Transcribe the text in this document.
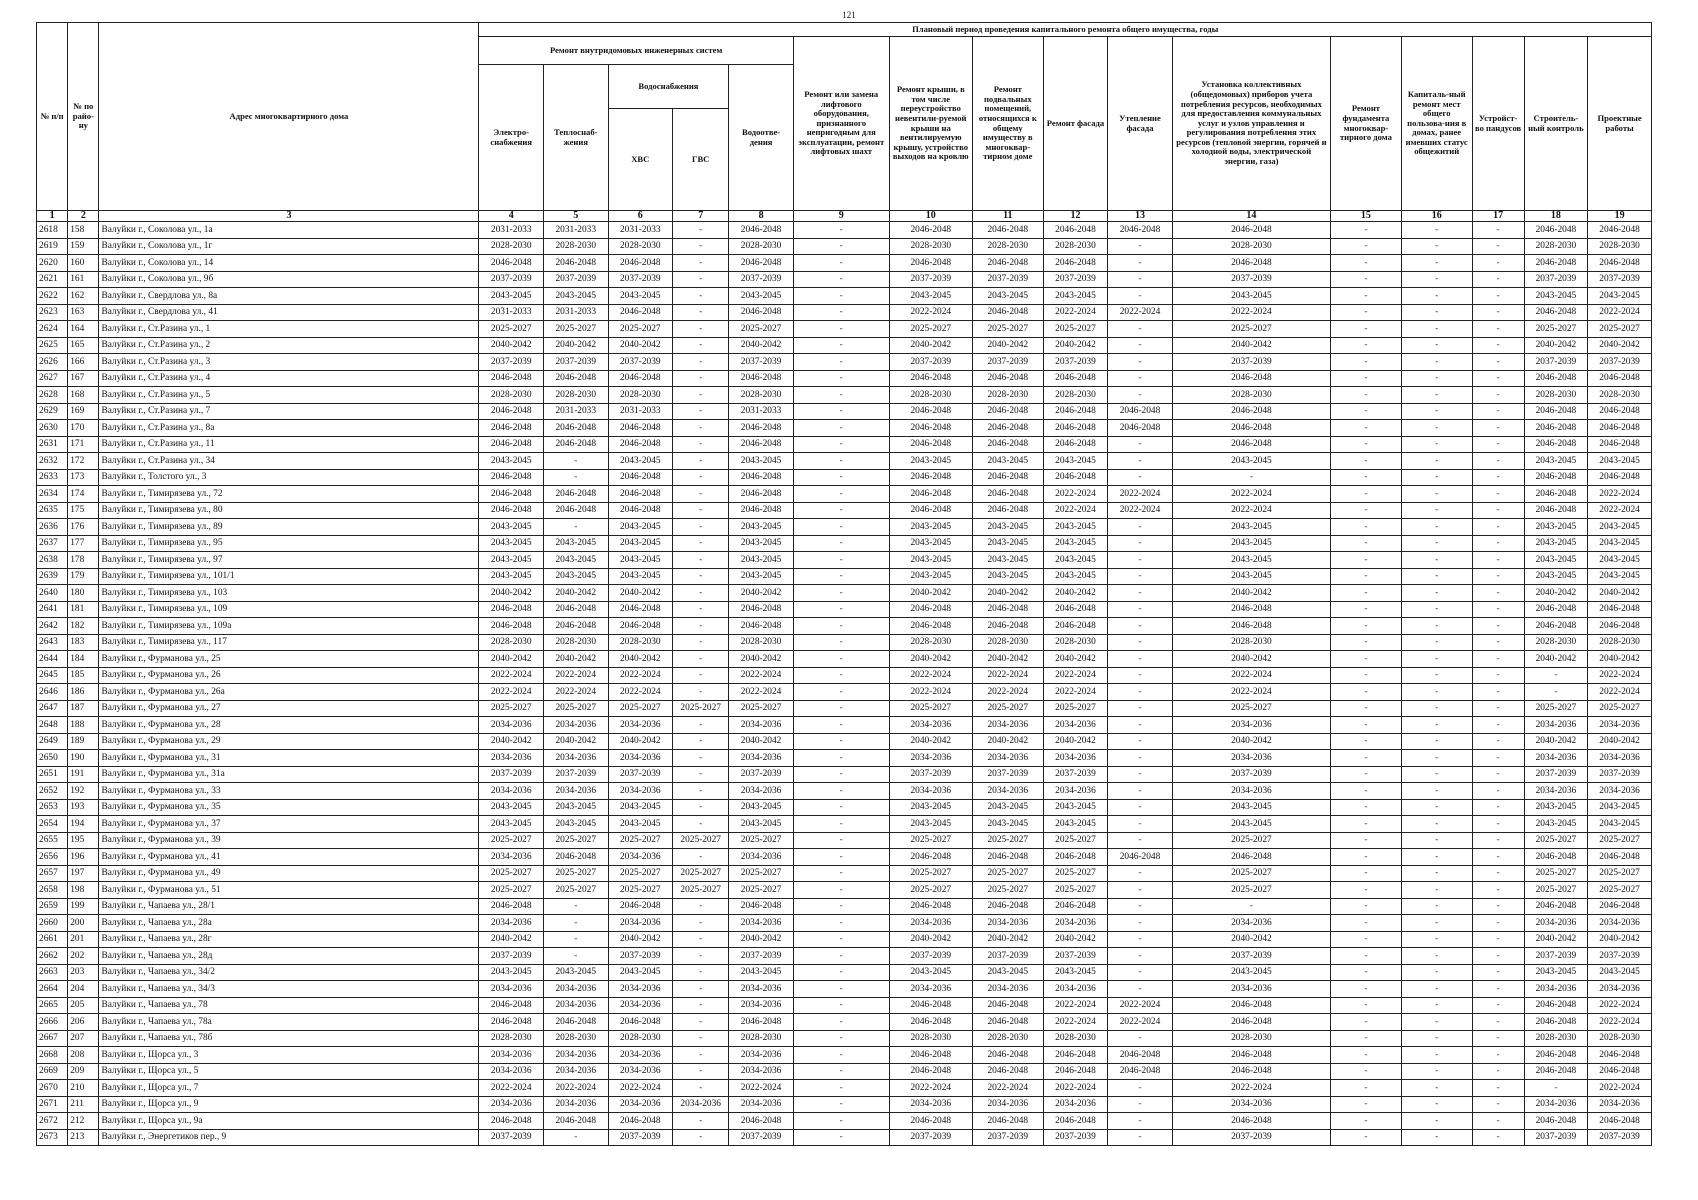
121
№ п/п	№ по райо-ну	Адрес многоквартирного дома	Плановый период проведения капитального ремонта общего имущества, годы															
			Ремонт внутридомовых инженерных систем					Ремонт или замена лифтового оборудования, признанного непригодным для эксплуатации, ремонт лифтовых шахт	Ремонт крыши, в том числе переустройство невентили-руемой крыши на вентилируемую крышу, устройство выходов на кровлю	Ремонт подвальных помещений, относящихся к общему имуществу в многоквар-тирном доме	Ремонт фасада	Утепление фасада	Установка коллективных (общедомовых) приборов учета потребления ресурсов, необходимых для предоставления коммунальных услуг и узлов управления и регулирования потребления этих ресурсов (тепловой энергии, горячей и холодной воды, электрической энергии, газа)	Ремонт фундамента многоквар-тирного дома	Капиталь-ный ремонт мест общего пользова-ния в домах, ранее имевших статус общежитий	Устройст-во пандусов	Строитель-ный контроль	Проектные работы
			Электро-снабжения	Теплоснаб-жения	Водоснабжения		Водоотве-дения											
					ХВС	ГВС												
1	2	3	4	5	6	7	8	9	10	11	12	13	14	15	16	17	18	19
2618	158	Валуйки г., Соколова ул., 1а	2031-2033	2031-2033	2031-2033	-	2046-2048	-	2046-2048	2046-2048	2046-2048	2046-2048	2046-2048	-	-	-	2046-2048	2046-2048
2619	159	Валуйки г., Соколова ул., 1г	2028-2030	2028-2030	2028-2030	-	2028-2030	-	2028-2030	2028-2030	2028-2030	-	2028-2030	-	-	-	2028-2030	2028-2030
2620	160	Валуйки г., Соколова ул., 14	2046-2048	2046-2048	2046-2048	-	2046-2048	-	2046-2048	2046-2048	2046-2048	-	2046-2048	-	-	-	2046-2048	2046-2048
2621	161	Валуйки г., Соколова ул., 9б	2037-2039	2037-2039	2037-2039	-	2037-2039	-	2037-2039	2037-2039	2037-2039	-	2037-2039	-	-	-	2037-2039	2037-2039
2622	162	Валуйки г., Свердлова ул., 8а	2043-2045	2043-2045	2043-2045	-	2043-2045	-	2043-2045	2043-2045	2043-2045	-	2043-2045	-	-	-	2043-2045	2043-2045
2623	163	Валуйки г., Свердлова ул., 41	2031-2033	2031-2033	2046-2048	-	2046-2048	-	2022-2024	2046-2048	2022-2024	2022-2024	2022-2024	-	-	-	2046-2048	2022-2024
2624	164	Валуйки г., Ст.Разина ул., 1	2025-2027	2025-2027	2025-2027	-	2025-2027	-	2025-2027	2025-2027	2025-2027	-	2025-2027	-	-	-	2025-2027	2025-2027
2625	165	Валуйки г., Ст.Разина ул., 2	2040-2042	2040-2042	2040-2042	-	2040-2042	-	2040-2042	2040-2042	2040-2042	-	2040-2042	-	-	-	2040-2042	2040-2042
2626	166	Валуйки г., Ст.Разина ул., 3	2037-2039	2037-2039	2037-2039	-	2037-2039	-	2037-2039	2037-2039	2037-2039	-	2037-2039	-	-	-	2037-2039	2037-2039
2627	167	Валуйки г., Ст.Разина ул., 4	2046-2048	2046-2048	2046-2048	-	2046-2048	-	2046-2048	2046-2048	2046-2048	-	2046-2048	-	-	-	2046-2048	2046-2048
2628	168	Валуйки г., Ст.Разина ул., 5	2028-2030	2028-2030	2028-2030	-	2028-2030	-	2028-2030	2028-2030	2028-2030	-	2028-2030	-	-	-	2028-2030	2028-2030
2629	169	Валуйки г., Ст.Разина ул., 7	2046-2048	2031-2033	2031-2033	-	2031-2033	-	2046-2048	2046-2048	2046-2048	2046-2048	2046-2048	-	-	-	2046-2048	2046-2048
2630	170	Валуйки г., Ст.Разина ул., 8а	2046-2048	2046-2048	2046-2048	-	2046-2048	-	2046-2048	2046-2048	2046-2048	2046-2048	2046-2048	-	-	-	2046-2048	2046-2048
2631	171	Валуйки г., Ст.Разина ул., 11	2046-2048	2046-2048	2046-2048	-	2046-2048	-	2046-2048	2046-2048	2046-2048	-	2046-2048	-	-	-	2046-2048	2046-2048
2632	172	Валуйки г., Ст.Разина ул., 34	2043-2045	-	2043-2045	-	2043-2045	-	2043-2045	2043-2045	2043-2045	-	2043-2045	-	-	-	2043-2045	2043-2045
2633	173	Валуйки г., Толстого ул., 3	2046-2048	-	2046-2048	-	2046-2048	-	2046-2048	2046-2048	2046-2048	-	-	-	-	-	2046-2048	2046-2048
2634	174	Валуйки г., Тимирязева ул., 72	2046-2048	2046-2048	2046-2048	-	2046-2048	-	2046-2048	2046-2048	2022-2024	2022-2024	2022-2024	-	-	-	2046-2048	2022-2024
2635	175	Валуйки г., Тимирязева ул., 80	2046-2048	2046-2048	2046-2048	-	2046-2048	-	2046-2048	2046-2048	2022-2024	2022-2024	2022-2024	-	-	-	2046-2048	2022-2024
2636	176	Валуйки г., Тимирязева ул., 89	2043-2045	-	2043-2045	-	2043-2045	-	2043-2045	2043-2045	2043-2045	-	2043-2045	-	-	-	2043-2045	2043-2045
2637	177	Валуйки г., Тимирязева ул., 95	2043-2045	2043-2045	2043-2045	-	2043-2045	-	2043-2045	2043-2045	2043-2045	-	2043-2045	-	-	-	2043-2045	2043-2045
2638	178	Валуйки г., Тимирязева ул., 97	2043-2045	2043-2045	2043-2045	-	2043-2045	-	2043-2045	2043-2045	2043-2045	-	2043-2045	-	-	-	2043-2045	2043-2045
2639	179	Валуйки г., Тимирязева ул., 101/1	2043-2045	2043-2045	2043-2045	-	2043-2045	-	2043-2045	2043-2045	2043-2045	-	2043-2045	-	-	-	2043-2045	2043-2045
2640	180	Валуйки г., Тимирязева ул., 103	2040-2042	2040-2042	2040-2042	-	2040-2042	-	2040-2042	2040-2042	2040-2042	-	2040-2042	-	-	-	2040-2042	2040-2042
2641	181	Валуйки г., Тимирязева ул., 109	2046-2048	2046-2048	2046-2048	-	2046-2048	-	2046-2048	2046-2048	2046-2048	-	2046-2048	-	-	-	2046-2048	2046-2048
2642	182	Валуйки г., Тимирязева ул., 109а	2046-2048	2046-2048	2046-2048	-	2046-2048	-	2046-2048	2046-2048	2046-2048	-	2046-2048	-	-	-	2046-2048	2046-2048
2643	183	Валуйки г., Тимирязева ул., 117	2028-2030	2028-2030	2028-2030	-	2028-2030	-	2028-2030	2028-2030	2028-2030	-	2028-2030	-	-	-	2028-2030	2028-2030
2644	184	Валуйки г., Фурманова ул., 25	2040-2042	2040-2042	2040-2042	-	2040-2042	-	2040-2042	2040-2042	2040-2042	-	2040-2042	-	-	-	2040-2042	2040-2042
2645	185	Валуйки г., Фурманова ул., 26	2022-2024	2022-2024	2022-2024	-	2022-2024	-	2022-2024	2022-2024	2022-2024	-	2022-2024	-	-	-	-	2022-2024
2646	186	Валуйки г., Фурманова ул., 26а	2022-2024	2022-2024	2022-2024	-	2022-2024	-	2022-2024	2022-2024	2022-2024	-	2022-2024	-	-	-	-	2022-2024
2647	187	Валуйки г., Фурманова ул., 27	2025-2027	2025-2027	2025-2027	2025-2027	2025-2027	-	2025-2027	2025-2027	2025-2027	-	2025-2027	-	-	-	2025-2027	2025-2027
2648	188	Валуйки г., Фурманова ул., 28	2034-2036	2034-2036	2034-2036	-	2034-2036	-	2034-2036	2034-2036	2034-2036	-	2034-2036	-	-	-	2034-2036	2034-2036
2649	189	Валуйки г., Фурманова ул., 29	2040-2042	2040-2042	2040-2042	-	2040-2042	-	2040-2042	2040-2042	2040-2042	-	2040-2042	-	-	-	2040-2042	2040-2042
2650	190	Валуйки г., Фурманова ул., 31	2034-2036	2034-2036	2034-2036	-	2034-2036	-	2034-2036	2034-2036	2034-2036	-	2034-2036	-	-	-	2034-2036	2034-2036
2651	191	Валуйки г., Фурманова ул., 31а	2037-2039	2037-2039	2037-2039	-	2037-2039	-	2037-2039	2037-2039	2037-2039	-	2037-2039	-	-	-	2037-2039	2037-2039
2652	192	Валуйки г., Фурманова ул., 33	2034-2036	2034-2036	2034-2036	-	2034-2036	-	2034-2036	2034-2036	2034-2036	-	2034-2036	-	-	-	2034-2036	2034-2036
2653	193	Валуйки г., Фурманова ул., 35	2043-2045	2043-2045	2043-2045	-	2043-2045	-	2043-2045	2043-2045	2043-2045	-	2043-2045	-	-	-	2043-2045	2043-2045
2654	194	Валуйки г., Фурманова ул., 37	2043-2045	2043-2045	2043-2045	-	2043-2045	-	2043-2045	2043-2045	2043-2045	-	2043-2045	-	-	-	2043-2045	2043-2045
2655	195	Валуйки г., Фурманова ул., 39	2025-2027	2025-2027	2025-2027	2025-2027	2025-2027	-	2025-2027	2025-2027	2025-2027	-	2025-2027	-	-	-	2025-2027	2025-2027
2656	196	Валуйки г., Фурманова ул., 41	2034-2036	2046-2048	2034-2036	-	2034-2036	-	2046-2048	2046-2048	2046-2048	2046-2048	2046-2048	-	-	-	2046-2048	2046-2048
2657	197	Валуйки г., Фурманова ул., 49	2025-2027	2025-2027	2025-2027	2025-2027	2025-2027	-	2025-2027	2025-2027	2025-2027	-	2025-2027	-	-	-	2025-2027	2025-2027
2658	198	Валуйки г., Фурманова ул., 51	2025-2027	2025-2027	2025-2027	2025-2027	2025-2027	-	2025-2027	2025-2027	2025-2027	-	2025-2027	-	-	-	2025-2027	2025-2027
2659	199	Валуйки г., Чапаева ул., 28/1	2046-2048	-	2046-2048	-	2046-2048	-	2046-2048	2046-2048	2046-2048	-	-	-	-	-	2046-2048	2046-2048
2660	200	Валуйки г., Чапаева ул., 28а	2034-2036	-	2034-2036	-	2034-2036	-	2034-2036	2034-2036	2034-2036	-	2034-2036	-	-	-	2034-2036	2034-2036
2661	201	Валуйки г., Чапаева ул., 28г	2040-2042	-	2040-2042	-	2040-2042	-	2040-2042	2040-2042	2040-2042	-	2040-2042	-	-	-	2040-2042	2040-2042
2662	202	Валуйки г., Чапаева ул., 28д	2037-2039	-	2037-2039	-	2037-2039	-	2037-2039	2037-2039	2037-2039	-	2037-2039	-	-	-	2037-2039	2037-2039
2663	203	Валуйки г., Чапаева ул., 34/2	2043-2045	2043-2045	2043-2045	-	2043-2045	-	2043-2045	2043-2045	2043-2045	-	2043-2045	-	-	-	2043-2045	2043-2045
2664	204	Валуйки г., Чапаева ул., 34/3	2034-2036	2034-2036	2034-2036	-	2034-2036	-	2034-2036	2034-2036	2034-2036	-	2034-2036	-	-	-	2034-2036	2034-2036
2665	205	Валуйки г., Чапаева ул., 78	2046-2048	2034-2036	2034-2036	-	2034-2036	-	2046-2048	2046-2048	2022-2024	2022-2024	2046-2048	-	-	-	2046-2048	2022-2024
2666	206	Валуйки г., Чапаева ул., 78а	2046-2048	2046-2048	2046-2048	-	2046-2048	-	2046-2048	2046-2048	2022-2024	2022-2024	2046-2048	-	-	-	2046-2048	2022-2024
2667	207	Валуйки г., Чапаева ул., 78б	2028-2030	2028-2030	2028-2030	-	2028-2030	-	2028-2030	2028-2030	2028-2030	-	2028-2030	-	-	-	2028-2030	2028-2030
2668	208	Валуйки г., Щорса ул., 3	2034-2036	2034-2036	2034-2036	-	2034-2036	-	2046-2048	2046-2048	2046-2048	2046-2048	2046-2048	-	-	-	2046-2048	2046-2048
2669	209	Валуйки г., Щорса ул., 5	2034-2036	2034-2036	2034-2036	-	2034-2036	-	2046-2048	2046-2048	2046-2048	2046-2048	2046-2048	-	-	-	2046-2048	2046-2048
2670	210	Валуйки г., Щорса ул., 7	2022-2024	2022-2024	2022-2024	-	2022-2024	-	2022-2024	2022-2024	2022-2024	-	2022-2024	-	-	-	-	2022-2024
2671	211	Валуйки г., Щорса ул., 9	2034-2036	2034-2036	2034-2036	2034-2036	2034-2036	-	2034-2036	2034-2036	2034-2036	-	2034-2036	-	-	-	2034-2036	2034-2036
2672	212	Валуйки г., Щорса ул., 9а	2046-2048	2046-2048	2046-2048	-	2046-2048	-	2046-2048	2046-2048	2046-2048	-	2046-2048	-	-	-	2046-2048	2046-2048
2673	213	Валуйки г., Энергетиков пер., 9	2037-2039	-	2037-2039	-	2037-2039	-	2037-2039	2037-2039	2037-2039	-	2037-2039	-	-	-	2037-2039	2037-2039
